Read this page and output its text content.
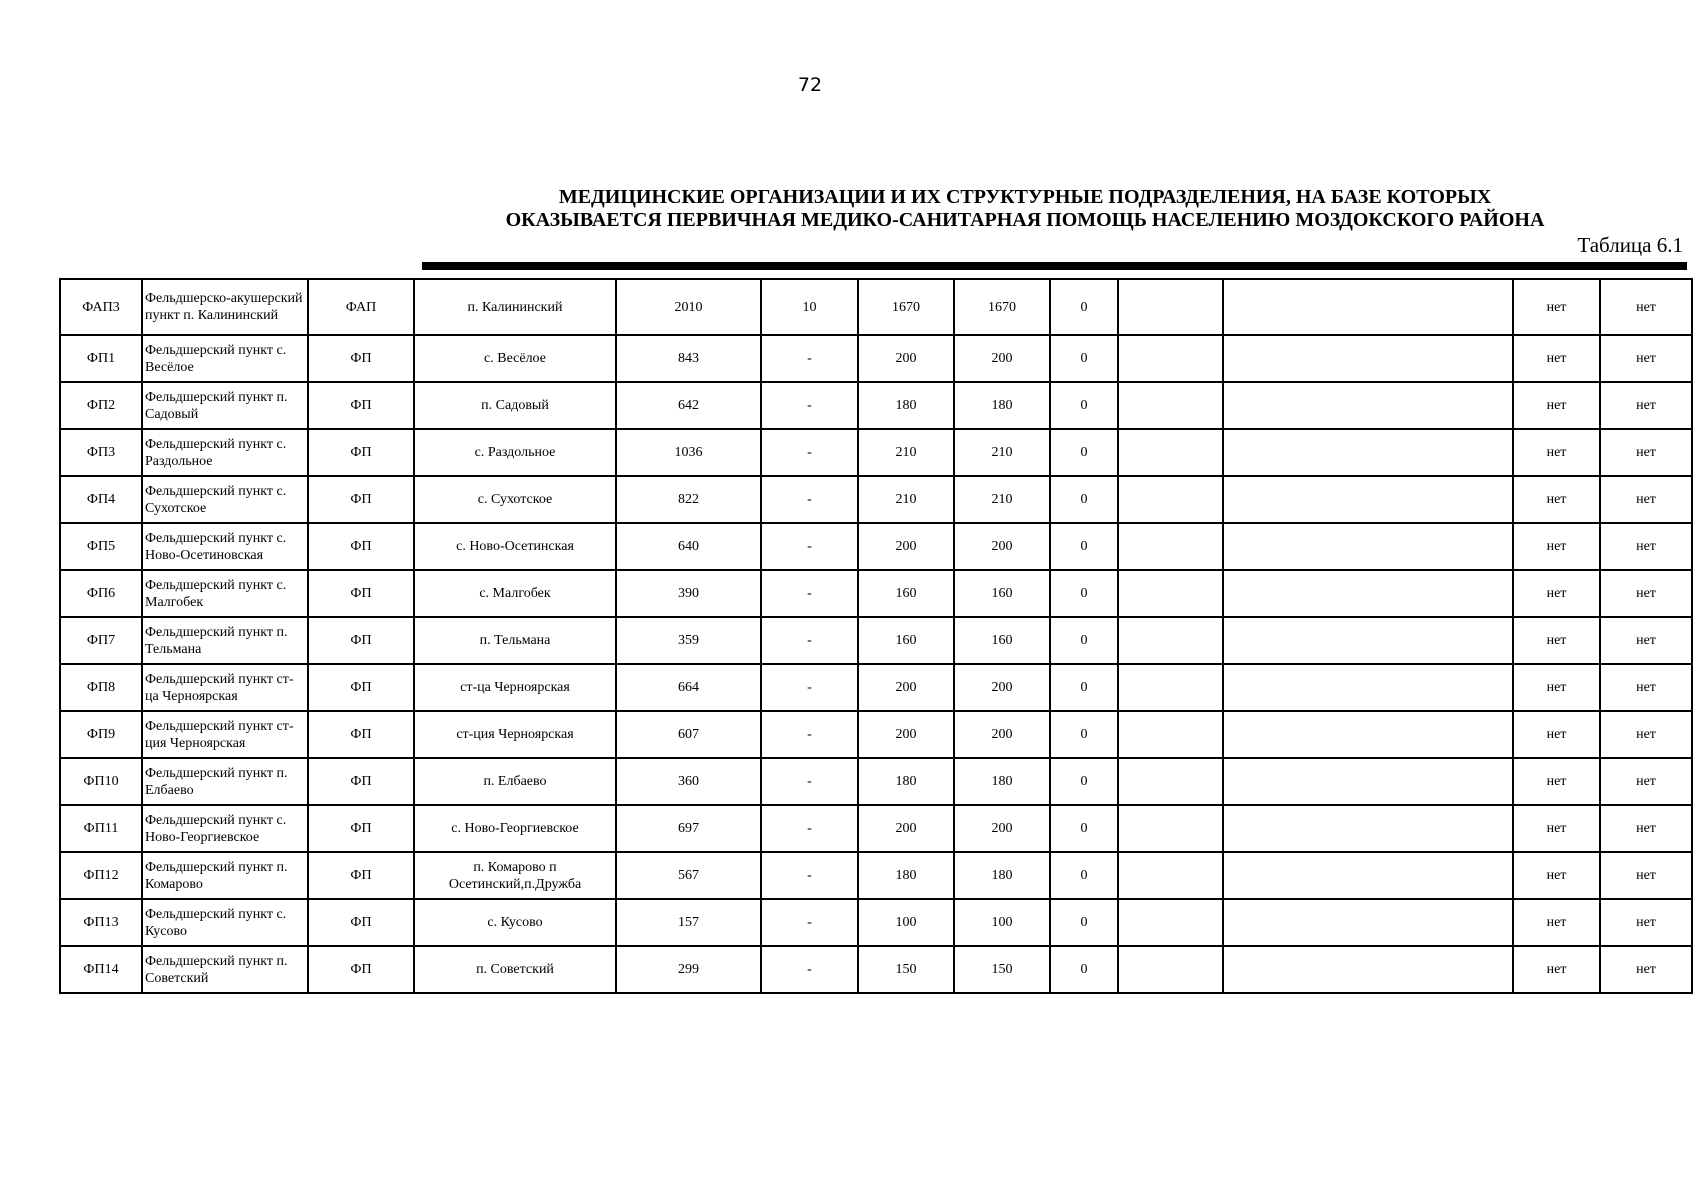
72
МЕДИЦИНСКИЕ ОРГАНИЗАЦИИ И ИХ СТРУКТУРНЫЕ ПОДРАЗДЕЛЕНИЯ, НА БАЗЕ КОТОРЫХ
ОКАЗЫВАЕТСЯ ПЕРВИЧНАЯ МЕДИКО-САНИТАРНАЯ ПОМОЩЬ НАСЕЛЕНИЮ МОЗДОКСКОГО РАЙОНА
Таблица 6.1
ФАП3	Фельдшерско-акушерский пункт п. Калининский	ФАП	п. Калининский	2010	10	1670	1670	0			нет	нет
ФП1	Фельдшерский пункт с. Весёлое	ФП	с. Весёлое	843	-	200	200	0			нет	нет
ФП2	Фельдшерский пункт п. Садовый	ФП	п. Садовый	642	-	180	180	0			нет	нет
ФП3	Фельдшерский пункт с. Раздольное	ФП	с. Раздольное	1036	-	210	210	0			нет	нет
ФП4	Фельдшерский пункт с. Сухотское	ФП	с. Сухотское	822	-	210	210	0			нет	нет
ФП5	Фельдшерский пункт с. Ново-Осетиновская	ФП	с. Ново-Осетинская	640	-	200	200	0			нет	нет
ФП6	Фельдшерский пункт с. Малгобек	ФП	с. Малгобек	390	-	160	160	0			нет	нет
ФП7	Фельдшерский пункт п. Тельмана	ФП	п. Тельмана	359	-	160	160	0			нет	нет
ФП8	Фельдшерский пункт ст-ца Черноярская	ФП	ст-ца Черноярская	664	-	200	200	0			нет	нет
ФП9	Фельдшерский пункт ст-ция Черноярская	ФП	ст-ция Черноярская	607	-	200	200	0			нет	нет
ФП10	Фельдшерский пункт п. Елбаево	ФП	п. Елбаево	360	-	180	180	0			нет	нет
ФП11	Фельдшерский пункт с. Ново-Георгиевское	ФП	с. Ново-Георгиевское	697	-	200	200	0			нет	нет
ФП12	Фельдшерский пункт п. Комарово	ФП	п. Комарово п Осетинский,п.Дружба	567	-	180	180	0			нет	нет
ФП13	Фельдшерский пункт с. Кусово	ФП	с. Кусово	157	-	100	100	0			нет	нет
ФП14	Фельдшерский пункт п. Советский	ФП	п. Советский	299	-	150	150	0			нет	нет
